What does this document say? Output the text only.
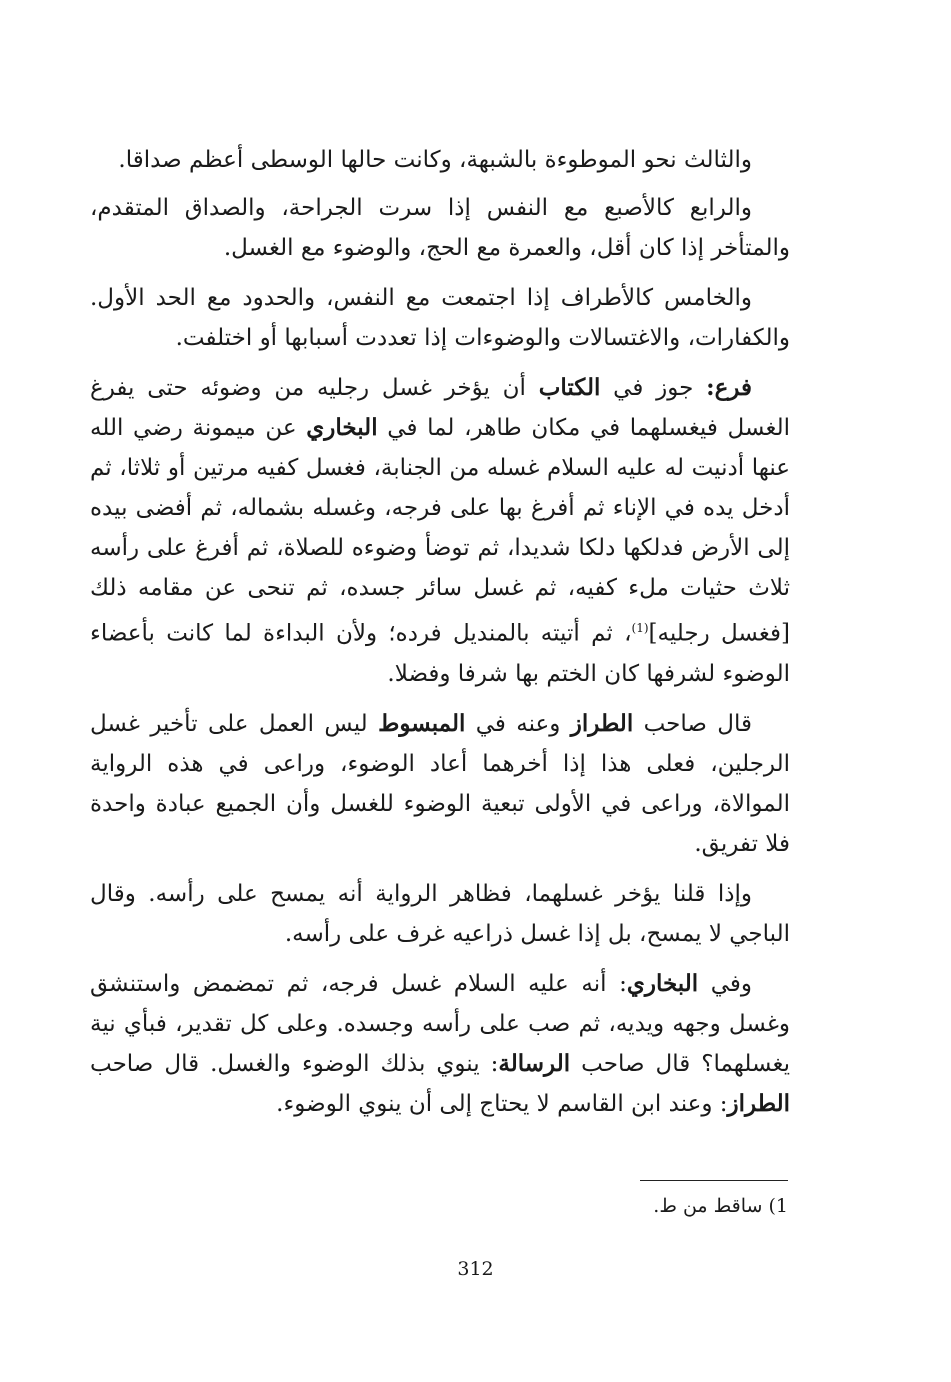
والثالث نحو الموطوءة بالشبهة، وكانت حالها الوسطى أعظم صداقا.

والرابع كالأصبع مع النفس إذا سرت الجراحة، والصداق المتقدم، والمتأخر إذا كان أقل، والعمرة مع الحج، والوضوء مع الغسل.

والخامس كالأطراف إذا اجتمعت مع النفس، والحدود مع الحد الأول. والكفارات، والاغتسالات والوضوءات إذا تعددت أسبابها أو اختلفت.

فرع: جوز في الكتاب أن يؤخر غسل رجليه من وضوئه حتى يفرغ الغسل فيغسلهما في مكان طاهر، لما في البخاري عن ميمونة رضي الله عنها أدنيت له عليه السلام غسله من الجنابة، فغسل كفيه مرتين أو ثلاثا، ثم أدخل يده في الإناء ثم أفرغ بها على فرجه، وغسله بشماله، ثم أفضى بيده إلى الأرض فدلكها دلكا شديدا، ثم توضأ وضوءه للصلاة، ثم أفرغ على رأسه ثلاث حثيات ملء كفيه، ثم غسل سائر جسده، ثم تنحى عن مقامه ذلك [فغسل رجليه]$^{(1)}$، ثم أتيته بالمنديل فرده؛ ولأن البداءة لما كانت بأعضاء الوضوء لشرفها كان الختم بها شرفا وفضلا.

قال صاحب الطراز وعنه في المبسوط ليس العمل على تأخير غسل الرجلين، فعلى هذا إذا أخرهما أعاد الوضوء، وراعى في هذه الرواية الموالاة، وراعى في الأولى تبعية الوضوء للغسل وأن الجميع عبادة واحدة فلا تفريق.

وإذا قلنا يؤخر غسلهما، فظاهر الرواية أنه يمسح على رأسه. وقال الباجي لا يمسح، بل إذا غسل ذراعيه غرف على رأسه.

وفي البخاري: أنه عليه السلام غسل فرجه، ثم تمضمض واستنشق وغسل وجهه ويديه، ثم صب على رأسه وجسده. وعلى كل تقدير، فبأي نية يغسلهما؟ قال صاحب الرسالة: ينوي بذلك الوضوء والغسل. قال صاحب الطراز: وعند ابن القاسم لا يحتاج إلى أن ينوي الوضوء.

1) ساقط من ط.
312
